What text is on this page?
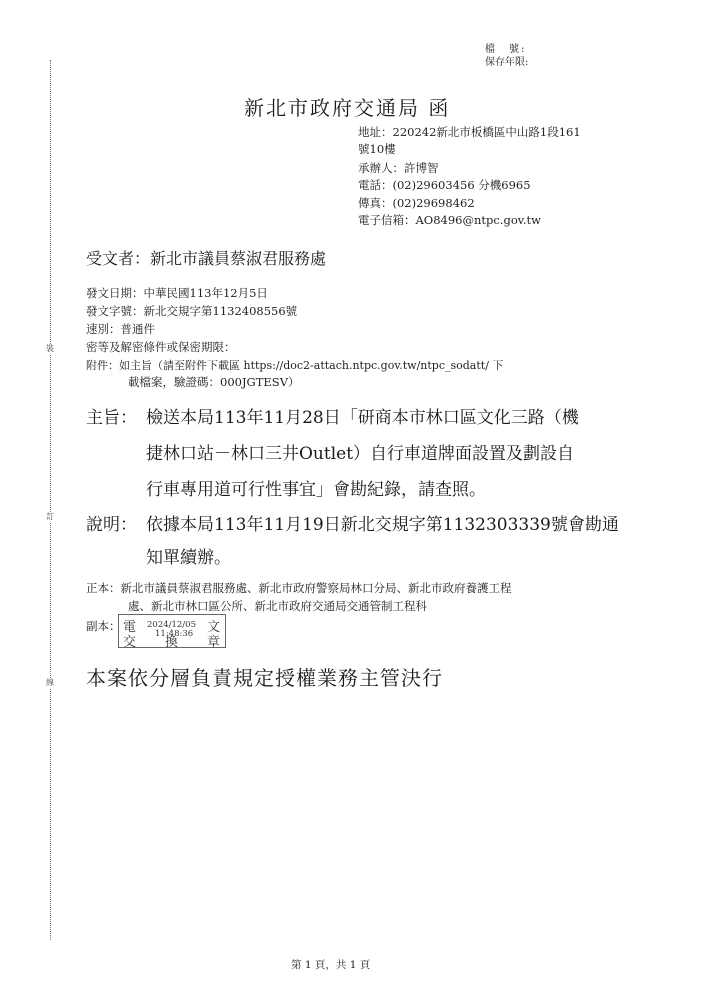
裝
訂
線
檔　號:
保存年限:
新北市政府交通局 函
地址：220242新北市板橋區中山路1段161
號10樓
承辦人：許博智
電話：(02)29603456 分機6965
傳真：(02)29698462
電子信箱：AO8496@ntpc.gov.tw
受文者：新北市議員蔡淑君服務處
發文日期：中華民國113年12月5日
發文字號：新北交規字第1132408556號
速別：普通件
密等及解密條件或保密期限：
附件：如主旨（請至附件下載區 https://doc2-attach.ntpc.gov.tw/ntpc_sodatt/ 下
載檔案，驗證碼：000JGTESV）
主旨： 檢送本局113年11月28日「研商本市林口區文化三路（機
捷林口站－林口三井Outlet）自行車道牌面設置及劃設自
行車專用道可行性事宜」會勘紀錄，請查照。
說明： 依據本局113年11月19日新北交規字第1132303339號會勘通
知單續辦。
正本：新北市議員蔡淑君服務處、新北市政府警察局林口分局、新北市政府養護工程
處、新北市林口區公所、新北市政府交通局交通管制工程科
副本： 電	文
交 換 章
2024/12/05
11:48:36
本案依分層負責規定授權業務主管決行
第 1 頁，共 1 頁
